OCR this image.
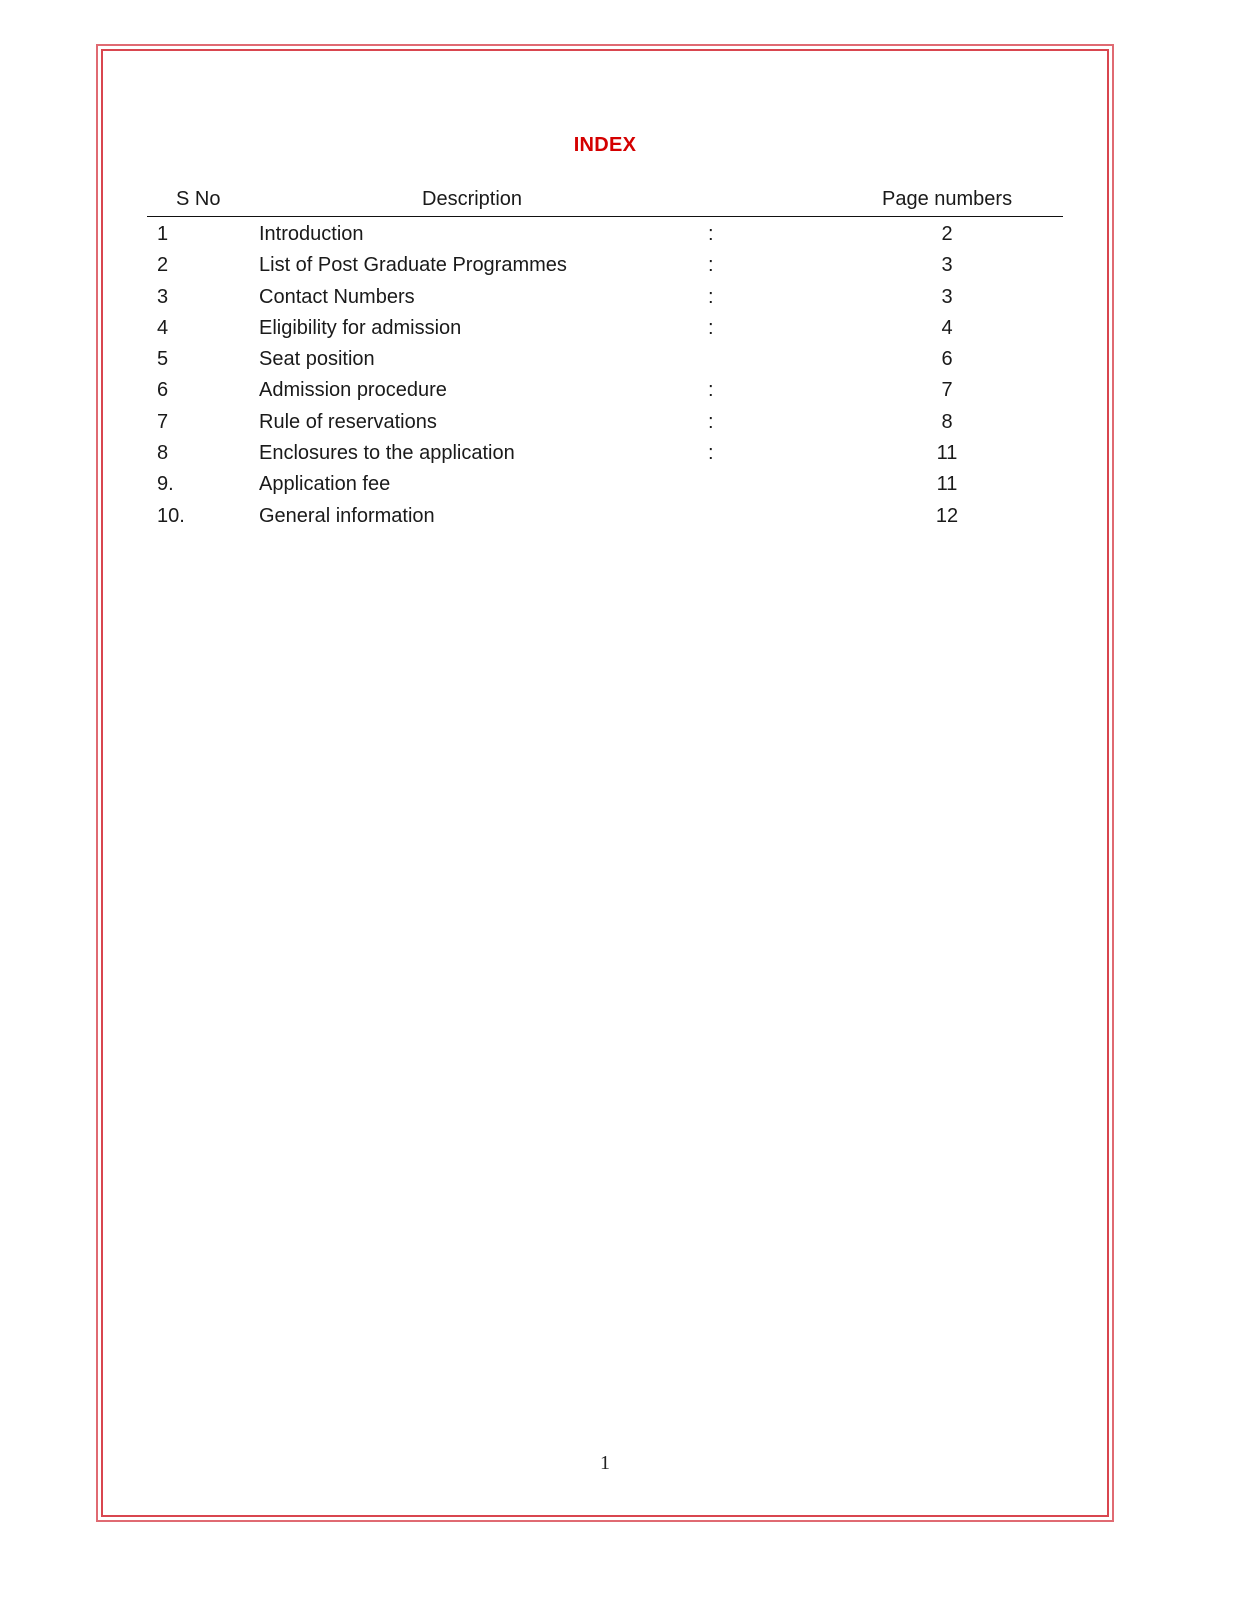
INDEX
S No	Description	Page numbers
1	Introduction	:	2
2	List of Post Graduate Programmes	:	3
3	Contact Numbers	:	3
4	Eligibility for admission	:	4
5	Seat position	6
6	Admission procedure	:	7
7	Rule of reservations	:	8
8	Enclosures to the application	:	11
9.	Application fee	11
10.	General information	12
1
